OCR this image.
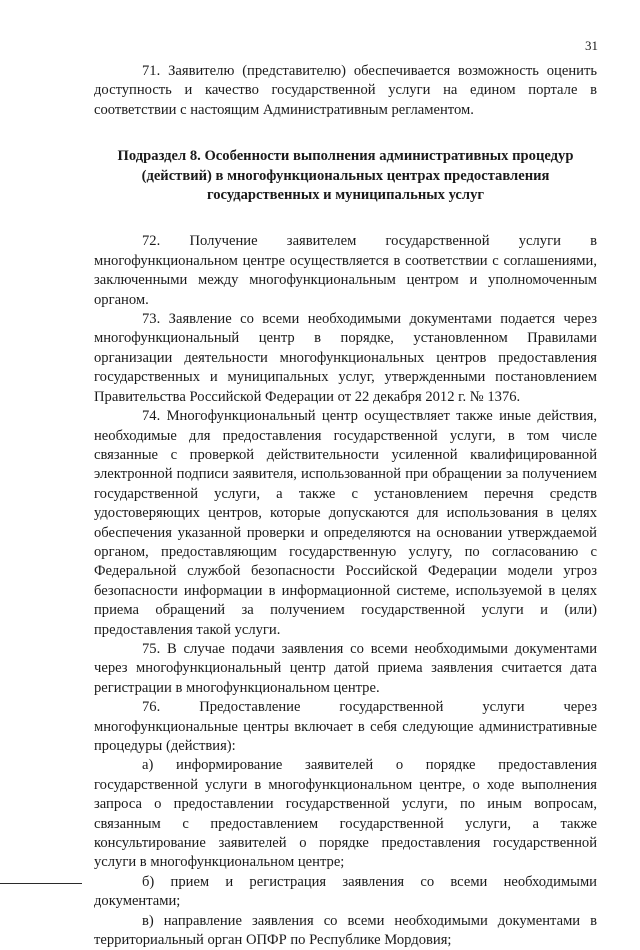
31

71. Заявителю (представителю) обеспечивается возможность оценить доступность и качество государственной услуги на едином портале в соответствии с настоящим Административным регламентом.

Подраздел 8. Особенности выполнения административных процедур (действий) в многофункциональных центрах предоставления государственных и муниципальных услуг

72. Получение заявителем государственной услуги в многофункциональном центре осуществляется в соответствии с соглашениями, заключенными между многофункциональным центром и уполномоченным органом.

73. Заявление со всеми необходимыми документами подается через многофункциональный центр в порядке, установленном Правилами организации деятельности многофункциональных центров предоставления государственных и муниципальных услуг, утвержденными постановлением Правительства Российской Федерации от 22 декабря 2012 г. № 1376.

74. Многофункциональный центр осуществляет также иные действия, необходимые для предоставления государственной услуги, в том числе связанные с проверкой действительности усиленной квалифицированной электронной подписи заявителя, использованной при обращении за получением государственной услуги, а также с установлением перечня средств удостоверяющих центров, которые допускаются для использования в целях обеспечения указанной проверки и определяются на основании утверждаемой органом, предоставляющим государственную услугу, по согласованию с Федеральной службой безопасности Российской Федерации модели угроз безопасности информации в информационной системе, используемой в целях приема обращений за получением государственной услуги и (или) предоставления такой услуги.

75. В случае подачи заявления со всеми необходимыми документами через многофункциональный центр датой приема заявления считается дата регистрации в многофункциональном центре.

76. Предоставление государственной услуги через многофункциональные центры включает в себя следующие административные процедуры (действия):

а) информирование заявителей о порядке предоставления государственной услуги в многофункциональном центре, о ходе выполнения запроса о предоставлении государственной услуги, по иным вопросам, связанным с предоставлением государственной услуги, а также консультирование заявителей о порядке предоставления государственной услуги в многофункциональном центре;

б) прием и регистрация заявления со всеми необходимыми документами;

в) направление заявления со всеми необходимыми документами в территориальный орган ОПФР по Республике Мордовия;
